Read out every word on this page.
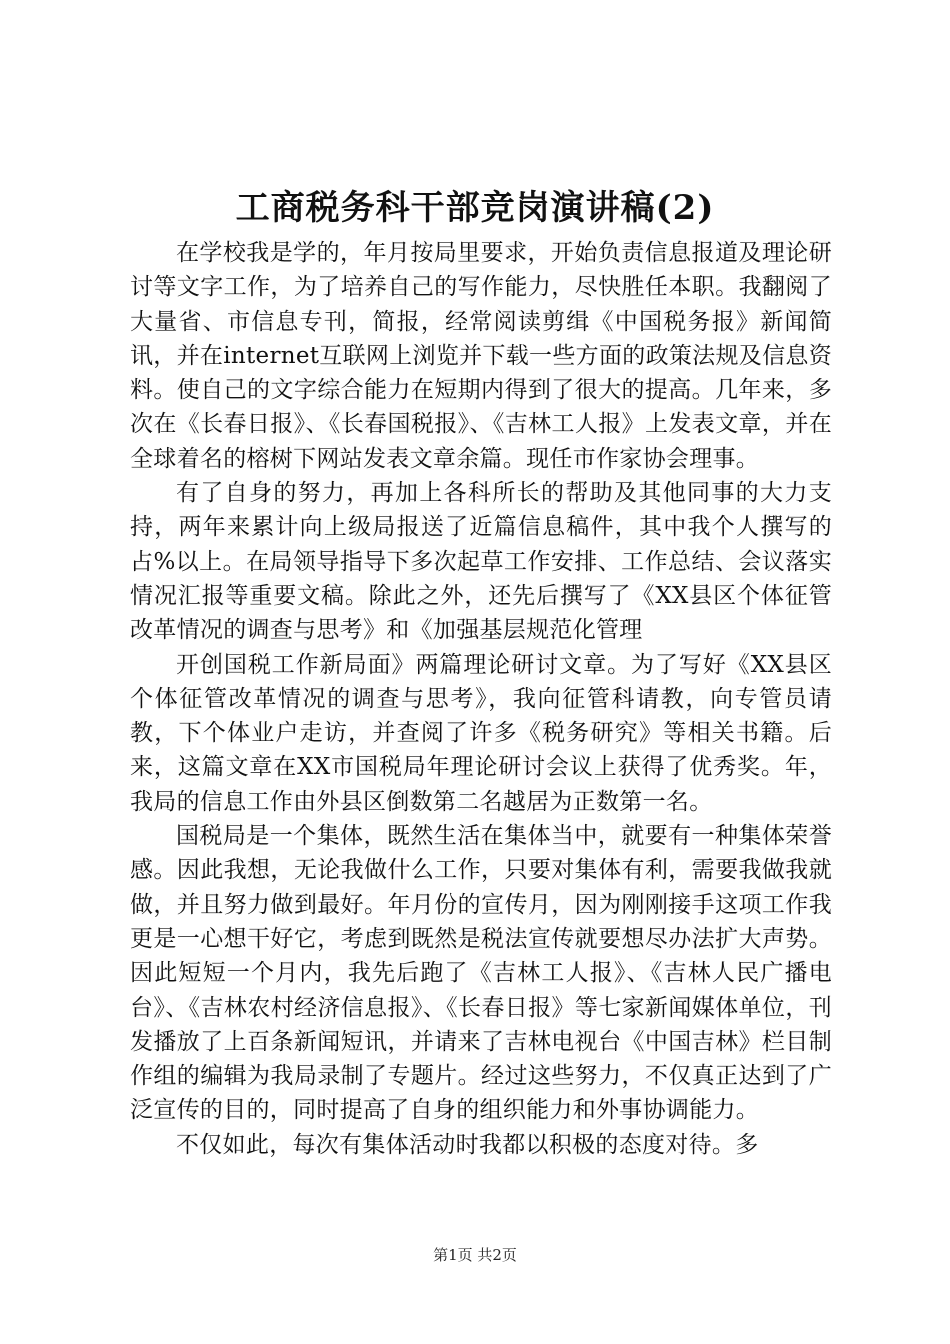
工商税务科干部竞岗演讲稿(2)

在学校我是学的，年月按局里要求，开始负责信息报道及理论研讨等文字工作，为了培养自己的写作能力，尽快胜任本职。我翻阅了大量省、市信息专刊，简报，经常阅读剪缉《中国税务报》新闻简讯，并在internet互联网上浏览并下载一些方面的政策法规及信息资料。使自己的文字综合能力在短期内得到了很大的提高。几年来，多次在《长春日报》、《长春国税报》、《吉林工人报》上发表文章，并在全球着名的榕树下网站发表文章余篇。现任市作家协会理事。

有了自身的努力，再加上各科所长的帮助及其他同事的大力支持，两年来累计向上级局报送了近篇信息稿件，其中我个人撰写的占%以上。在局领导指导下多次起草工作安排、工作总结、会议落实情况汇报等重要文稿。除此之外，还先后撰写了《XX县区个体征管改革情况的调查与思考》和《加强基层规范化管理

开创国税工作新局面》两篇理论研讨文章。为了写好《XX县区个体征管改革情况的调查与思考》，我向征管科请教，向专管员请教，下个体业户走访，并查阅了许多《税务研究》等相关书籍。后来，这篇文章在XX市国税局年理论研讨会议上获得了优秀奖。年，我局的信息工作由外县区倒数第二名越居为正数第一名。

国税局是一个集体，既然生活在集体当中，就要有一种集体荣誉感。因此我想，无论我做什么工作，只要对集体有利，需要我做我就做，并且努力做到最好。年月份的宣传月，因为刚刚接手这项工作我更是一心想干好它，考虑到既然是税法宣传就要想尽办法扩大声势。因此短短一个月内，我先后跑了《吉林工人报》、《吉林人民广播电台》、《吉林农村经济信息报》、《长春日报》等七家新闻媒体单位，刊发播放了上百条新闻短讯，并请来了吉林电视台《中国吉林》栏目制作组的编辑为我局录制了专题片。经过这些努力，不仅真正达到了广泛宣传的目的，同时提高了自身的组织能力和外事协调能力。

不仅如此，每次有集体活动时我都以积极的态度对待。多

第1页 共2页
